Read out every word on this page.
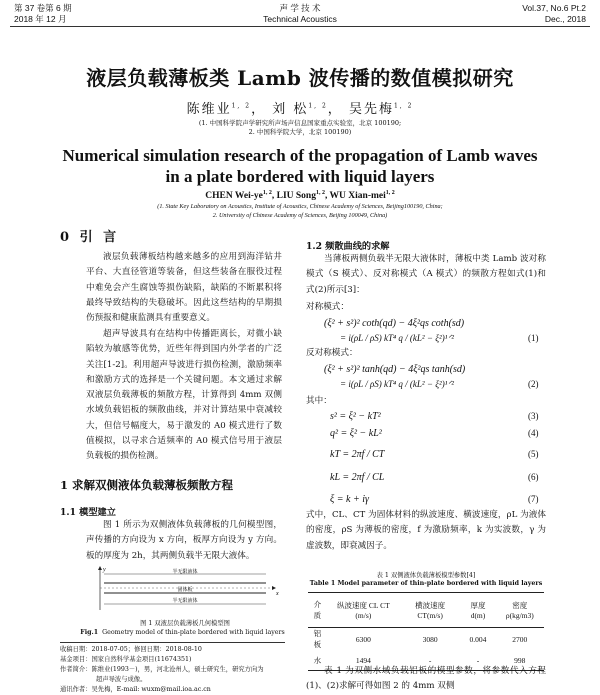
第 37 卷第 6 期
2018 年 12 月
声 学 技 术
Technical Acoustics
Vol.37, No.6 Pt.2
Dec., 2018
液层负载薄板类 Lamb 波传播的数值模拟研究
陈维业$^{1, 2}$， 刘 松$^{1, 2}$， 吴先梅$^{1, 2}$
(1. 中国科学院声学研究所声场声信息国家重点实验室，北京 100190;
2. 中国科学院大学，北京 100190)
Numerical simulation research of the propagation of Lamb waves in a plate bordered with liquid layers
CHEN Wei-ye$^{1, 2}$, LIU Song$^{1, 2}$, WU Xian-mei$^{1, 2}$
(1. State Key Laboratory on Acoustics, Institute of Acoustics, Chinese Academy of Sciences, Beijing100190, China;
2. University of Chinese Academy of Sciences, Beijing 100049, China)
0 引 言
液层负载薄板结构越来越多的应用到海洋钻井平台、大直径管道等装备，但这些装备在服役过程中难免会产生腐蚀等损伤缺陷，缺陷的不断累积将最终导致结构的失稳破坏。因此这些结构的早期损伤预报和健康监测具有重要意义。
超声导波具有在结构中传播距离长，对微小缺陷较为敏感等优势，近些年得到国内外学者的广泛关注[1-2]。利用超声导波进行损伤检测，激励频率和激励方式的选择是一个关键问题。本文通过求解双液层负载薄板的频散方程，计算得到 4mm 双侧水域负载铝板的频散曲线，并对计算结果中衰减较大，但信号幅度大，易于激发的 A0 模式进行了数值模拟，以寻求合适频率的 A0 模式信号用于液层负载板的损伤检测。
1 求解双侧液体负载薄板频散方程
1.1 模型建立
图 1 所示为双侧液体负载薄板的几何模型图，声传播的方向设为 x 方向，板厚方向设为 y 方向。板的厚度为 2h，其两侧负载半无限大液体。
x
y	半无限液体
固体板
半无限液体
图 1 双液层负载薄板几何模型图
Fig.1 Geometry model of thin-plate bordered with liquid layers
收稿日期：2018-07-05；修回日期：2018-08-10
基金项目：国家自然科学基金项目(11674351)
作者简介：陈维业(1993－)，男，河北沧州人，硕士研究生，研究方向为
超声导波与成像。
通讯作者：吴先梅，E-mail: wuxm@mail.ioa.ac.cn
1.2 频散曲线的求解
当薄板两侧负载半无限大液体时，薄板中类 Lamb 波对称模式（S 模式）、反对称模式（A 模式）的频散方程如式(1)和式(2)所示[3]：
对称模式：
(ξ² + s²)² coth(qd) − 4ξ²qs coth(sd)
= i(ρL / ρS) kT⁴ q / (kL² − ξ²)¹ᐟ²	(1)
反对称模式：
(ξ² + s²)² tanh(qd) − 4ξ²qs tanh(sd)
= i(ρL / ρS) kT⁴ q / (kL² − ξ²)¹ᐟ²	(2)
其中：
s² = ξ² − kT²	(3)
q² = ξ² − kL²	(4)
kT = 2πf / CT	(5)
kL = 2πf / CL	(6)
ξ = k + iγ	(7)
式中，CL、CT 为固体材料的纵波速度、横波速度，ρL 为液体的密度，ρS 为薄板的密度，f 为激励频率，k 为实波数，γ 为虚波数，即衰减因子。
表 1 双侧液体负载薄板模型参数[4]
Table 1 Model parameter of thin-plate bordered with liquid layers
介质	纵波速度 CL CT (m/s)	横波速度 CT(m/s)	厚度 d(m)	密度 ρ(kg/m3)
铝板	6300	3080	0.004	2700
水	1494	-	-	998
表 1 为双侧水域负载铝板的模型参数，将参数代入方程(1)、(2)求解可得如图 2 的 4mm 双侧
